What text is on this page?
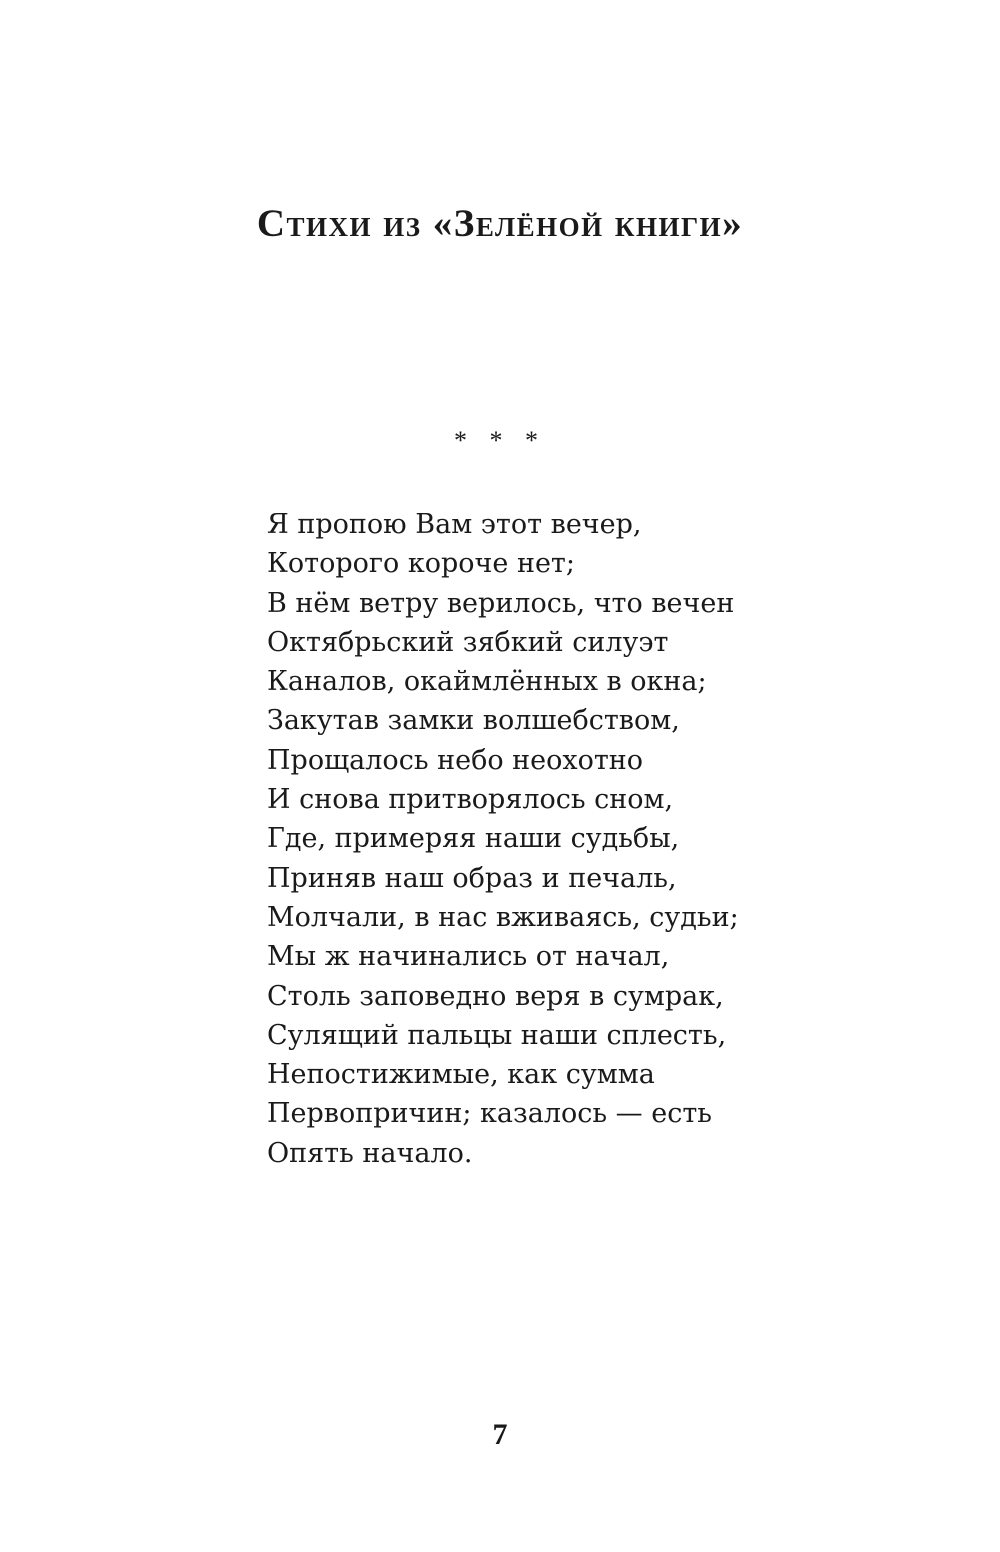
Стихи из «Зелёной книги»
* * *
Я пропою Вам этот вечер,
Которого короче нет;
В нём ветру верилось, что вечен
Октябрьский зябкий силуэт
Каналов, окаймлённых в окна;
Закутав замки волшебством,
Прощалось небо неохотно
И снова притворялось сном,
Где, примеряя наши судьбы,
Приняв наш образ и печаль,
Молчали, в нас вживаясь, судьи;
Мы ж начинались от начал,
Столь заповедно веря в сумрак,
Сулящий пальцы наши сплесть,
Непостижимые, как сумма
Первопричин; казалось — есть
Опять начало.
7
